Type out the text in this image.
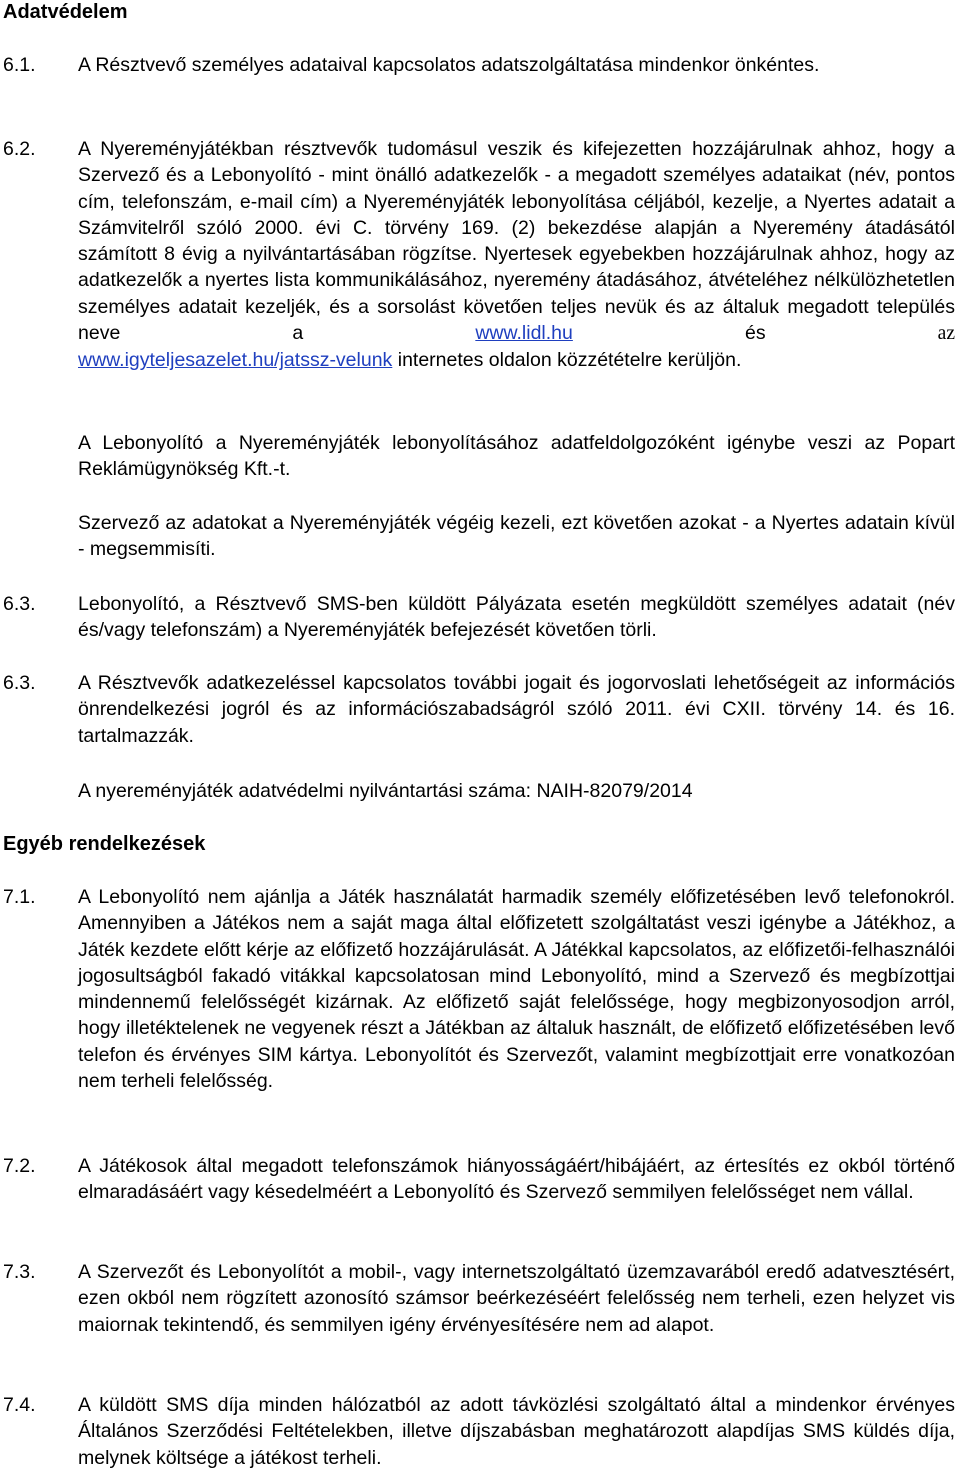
Adatvédelem
6.1. A Résztvevő személyes adataival kapcsolatos adatszolgáltatása mindenkor önkéntes.
6.2. A Nyereményjátékban résztvevők tudomásul veszik és kifejezetten hozzájárulnak ahhoz, hogy a Szervező és a Lebonyolító - mint önálló adatkezelők - a megadott személyes adataikat (név, pontos cím, telefonszám, e-mail cím) a Nyereményjáték lebonyolítása céljából, kezelje, a Nyertes adatait a Számvitelről szóló 2000. évi C. törvény 169. (2) bekezdése alapján a Nyeremény átadásától számított 8 évig a nyilvántartásában rögzítse. Nyertesek egyebekben hozzájárulnak ahhoz, hogy az adatkezelők a nyertes lista kommunikálásához, nyeremény átadásához, átvételéhez nélkülözhetetlen személyes adatait kezeljék, és a sorsolást követően teljes nevük és az általuk megadott település neve a	www.lidl.hu	és	az

www.igyteljesazelet.hu/jatssz-velunk internetes oldalon közzétételre kerüljön.

A Lebonyolító a Nyereményjáték lebonyolításához adatfeldolgozóként igénybe veszi az Popart Reklámügynökség Kft.-t.
Szervező az adatokat a Nyereményjáték végéig kezeli, ezt követően azokat - a Nyertes adatain kívül - megsemmisíti.
6.3. Lebonyolító, a Résztvevő SMS-ben küldött Pályázata esetén megküldött személyes adatait (név és/vagy telefonszám) a Nyereményjáték befejezését követően törli.
6.3. A Résztvevők adatkezeléssel kapcsolatos további jogait és jogorvoslati lehetőségeit az információs önrendelkezési jogról és az információszabadságról szóló 2011. évi CXII. törvény 14. és 16. tartalmazzák.
A nyereményjáték adatvédelmi nyilvántartási száma: NAIH-82079/2014
Egyéb rendelkezések
7.1. A Lebonyolító nem ajánlja a Játék használatát harmadik személy előfizetésében levő telefonokról. Amennyiben a Játékos nem a saját maga által előfizetett szolgáltatást veszi igénybe a Játékhoz, a Játék kezdete előtt kérje az előfizető hozzájárulását. A Játékkal kapcsolatos, az előfizetői-felhasználói jogosultságból fakadó vitákkal kapcsolatosan mind Lebonyolító, mind a Szervező és megbízottjai mindennemű felelősségét kizárnak. Az előfizető saját felelőssége, hogy megbizonyosodjon arról, hogy illetéktelenek ne vegyenek részt a Játékban az általuk használt, de előfizető előfizetésében levő telefon és érvényes SIM kártya. Lebonyolítót és Szervezőt, valamint megbízottjait erre vonatkozóan nem terheli felelősség.
7.2. A Játékosok által megadott telefonszámok hiányosságáért/hibájáért, az értesítés ez okból történő elmaradásáért vagy késedelméért a Lebonyolító és Szervező semmilyen felelősséget nem vállal.
7.3. A Szervezőt és Lebonyolítót a mobil-, vagy internetszolgáltató üzemzavarából eredő adatvesztésért, ezen okból nem rögzített azonosító számsor beérkezéséért felelősség nem terheli, ezen helyzet vis maiornak tekintendő, és semmilyen igény érvényesítésére nem ad alapot.
7.4. A küldött SMS díja minden hálózatból az adott távközlési szolgáltató által a mindenkor érvényes Általános Szerződési Feltételekben, illetve díjszabásban meghatározott alapdíjas SMS küldés díja, melynek költsége a játékost terheli.
